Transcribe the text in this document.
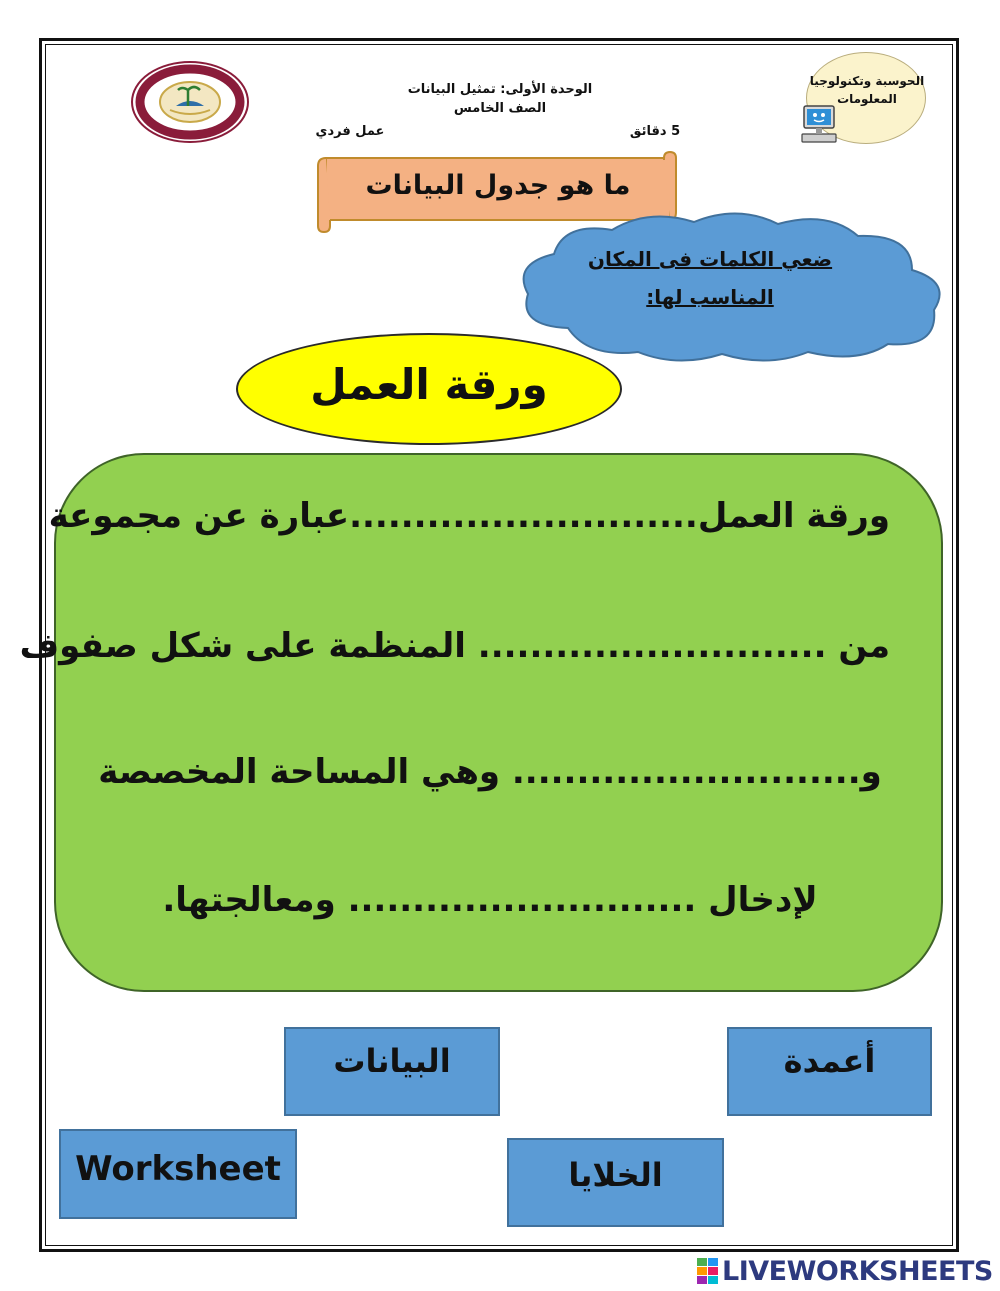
الوحدة الأولى: تمثيل البيانات
الصف الخامس
5 دقائق
عمل فردي
الحوسبة وتكنولوجيا
المعلومات
ما هو جدول البيانات
ضعي الكلمات فى المكان
المناسب لها:
ورقة العمل
ورقة العمل...........................عبارة عن مجموعة
من ........................... المنظمة على شكل صفوف
و........................... وهي المساحة المخصصة
لإدخال ........................... ومعالجتها.
البيانات	أعمدة
Worksheet	الخلايا
LIVEWORKSHEETS
